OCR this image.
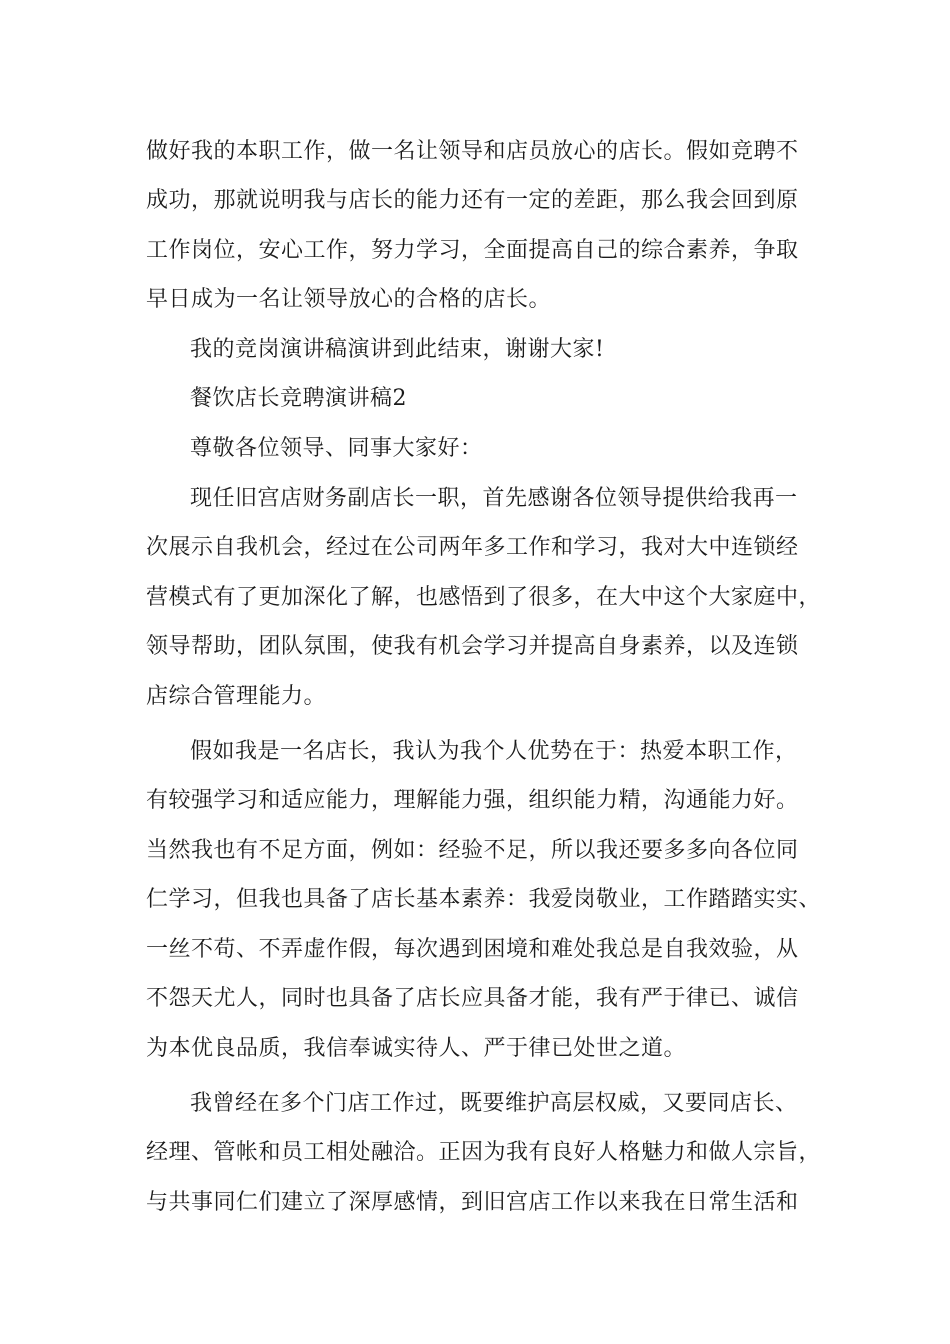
做好我的本职工作，做一名让领导和店员放心的店长。假如竞聘不
成功，那就说明我与店长的能力还有一定的差距，那么我会回到原
工作岗位，安心工作，努力学习，全面提高自己的综合素养，争取
早日成为一名让领导放心的合格的店长。
我的竞岗演讲稿演讲到此结束，谢谢大家!
餐饮店长竞聘演讲稿2
尊敬各位领导、同事大家好：
现任旧宫店财务副店长一职，首先感谢各位领导提供给我再一
次展示自我机会，经过在公司两年多工作和学习，我对大中连锁经
营模式有了更加深化了解，也感悟到了很多，在大中这个大家庭中，
领导帮助，团队氛围，使我有机会学习并提高自身素养，以及连锁
店综合管理能力。
假如我是一名店长，我认为我个人优势在于：热爱本职工作，
有较强学习和适应能力，理解能力强，组织能力精，沟通能力好。
当然我也有不足方面，例如：经验不足，所以我还要多多向各位同
仁学习，但我也具备了店长基本素养：我爱岗敬业，工作踏踏实实、
一丝不苟、不弄虚作假，每次遇到困境和难处我总是自我效验，从
不怨天尤人，同时也具备了店长应具备才能，我有严于律已、诚信
为本优良品质，我信奉诚实待人、严于律已处世之道。
我曾经在多个门店工作过，既要维护高层权威，又要同店长、
经理、管帐和员工相处融洽。正因为我有良好人格魅力和做人宗旨，
与共事同仁们建立了深厚感情，到旧宫店工作以来我在日常生活和
